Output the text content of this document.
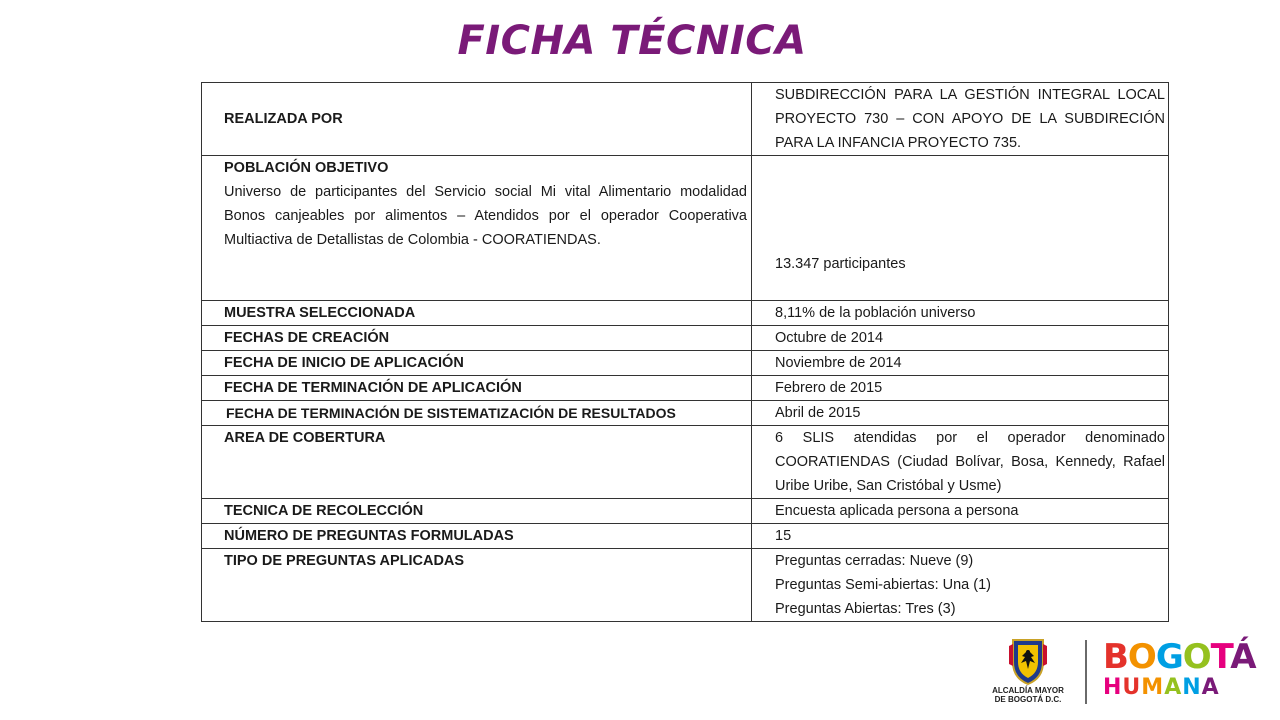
FICHA TÉCNICA
REALIZADA POR	SUBDIRECCIÓN PARA LA GESTIÓN INTEGRAL LOCAL PROYECTO 730 – CON APOYO DE LA SUBDIRECIÓN PARA LA INFANCIA PROYECTO 735.

POBLACIÓN OBJETIVO
Universo de participantes del Servicio social Mi vital Alimentario modalidad Bonos canjeables por alimentos – Atendidos por el operador Cooperativa Multiactiva de Detallistas de Colombia - COORATIENDAS.	13.347 participantes
MUESTRA SELECCIONADA	8,11% de la población universo
FECHAS DE CREACIÓN	Octubre de 2014
FECHA DE INICIO DE APLICACIÓN	Noviembre de 2014
FECHA DE TERMINACIÓN DE APLICACIÓN	Febrero de 2015
FECHA DE TERMINACIÓN DE SISTEMATIZACIÓN DE RESULTADOS	Abril de 2015
AREA DE COBERTURA	6 SLIS atendidas por el operador denominado COORATIENDAS (Ciudad Bolívar, Bosa, Kennedy, Rafael Uribe Uribe, San Cristóbal y Usme)
TECNICA DE RECOLECCIÓN	Encuesta aplicada persona a persona
NÚMERO DE PREGUNTAS FORMULADAS	15
TIPO DE PREGUNTAS APLICADAS	Preguntas cerradas: Nueve (9)
Preguntas Semi-abiertas: Una (1)
Preguntas Abiertas: Tres (3)
ALCALDÍA MAYOR
DE BOGOTÁ D.C.
BOGOTÁ
HUMANA
